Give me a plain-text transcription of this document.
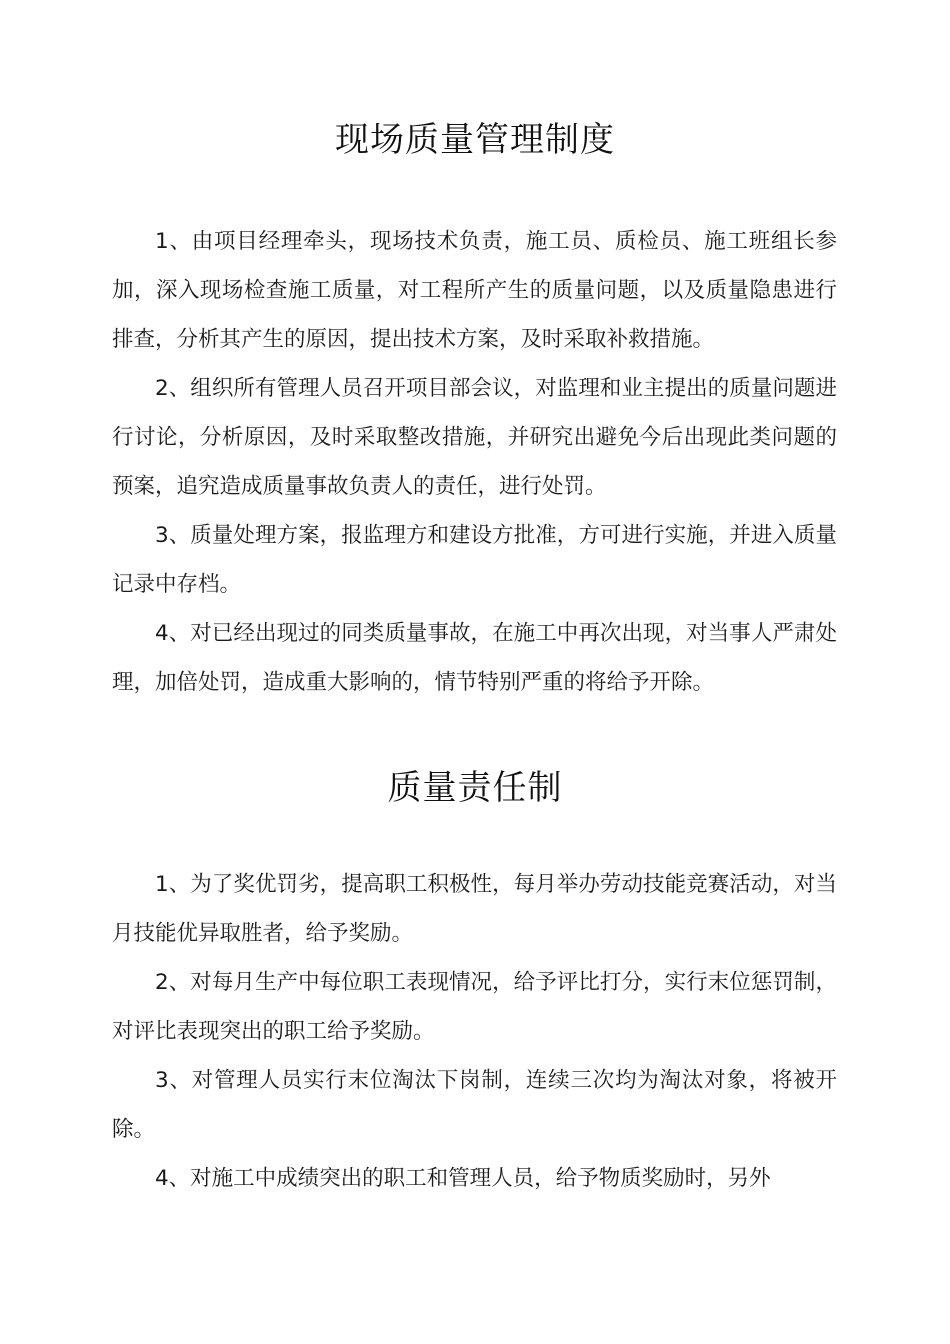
现场质量管理制度

1、由项目经理牵头，现场技术负责，施工员、质检员、施工班组长参加，深入现场检查施工质量，对工程所产生的质量问题，以及质量隐患进行排查，分析其产生的原因，提出技术方案，及时采取补救措施。

2、组织所有管理人员召开项目部会议，对监理和业主提出的质量问题进行讨论，分析原因，及时采取整改措施，并研究出避免今后出现此类问题的预案，追究造成质量事故负责人的责任，进行处罚。

3、质量处理方案，报监理方和建设方批准，方可进行实施，并进入质量记录中存档。

4、对已经出现过的同类质量事故，在施工中再次出现，对当事人严肃处理，加倍处罚，造成重大影响的，情节特别严重的将给予开除。

质量责任制

1、为了奖优罚劣，提高职工积极性，每月举办劳动技能竞赛活动，对当月技能优异取胜者，给予奖励。

2、对每月生产中每位职工表现情况，给予评比打分，实行末位惩罚制，对评比表现突出的职工给予奖励。

3、对管理人员实行末位淘汰下岗制，连续三次均为淘汰对象，将被开除。

4、对施工中成绩突出的职工和管理人员，给予物质奖励时，另外
